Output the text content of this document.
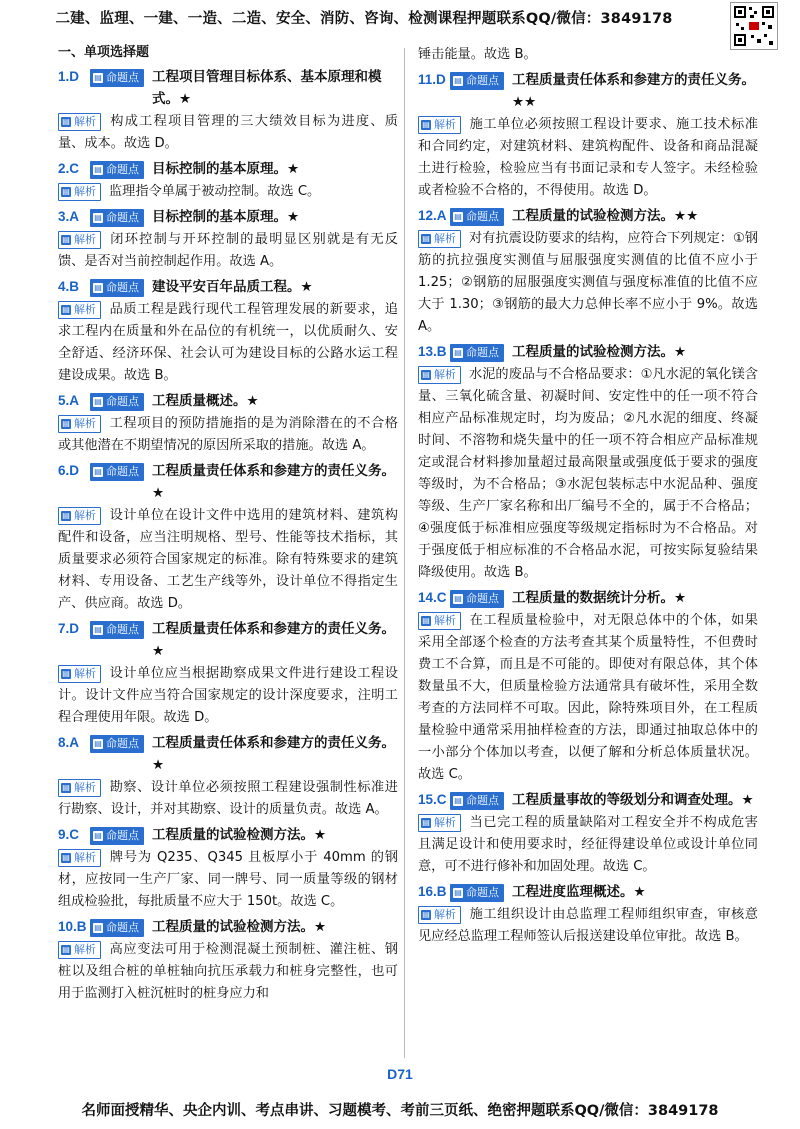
二建、监理、一建、一造、二造、安全、消防、咨询、检测课程押题联系QQ/微信：3849178
一、单项选择题
1.D	▤ 命题点 工程项目管理目标体系、基本原理和模式。★
▤ 解析 构成工程项目管理的三大绩效目标为进度、质量、成本。故选 D。
2.C	▤ 命题点 目标控制的基本原理。★
▤ 解析 监理指令单属于被动控制。故选 C。
3.A	▤ 命题点 目标控制的基本原理。★
▤ 解析 闭环控制与开环控制的最明显区别就是有无反馈、是否对当前控制起作用。故选 A。
4.B	▤ 命题点 建设平安百年品质工程。★
▤ 解析 品质工程是践行现代工程管理发展的新要求，追求工程内在质量和外在品位的有机统一，以优质耐久、安全舒适、经济环保、社会认可为建设目标的公路水运工程建设成果。故选 B。
5.A	▤ 命题点 工程质量概述。★
▤ 解析 工程项目的预防措施指的是为消除潜在的不合格或其他潜在不期望情况的原因所采取的措施。故选 A。
6.D	▤ 命题点 工程质量责任体系和参建方的责任义务。★
▤ 解析 设计单位在设计文件中选用的建筑材料、建筑构配件和设备，应当注明规格、型号、性能等技术指标，其质量要求必须符合国家规定的标准。除有特殊要求的建筑材料、专用设备、工艺生产线等外，设计单位不得指定生产、供应商。故选 D。
7.D	▤ 命题点 工程质量责任体系和参建方的责任义务。★
▤ 解析 设计单位应当根据勘察成果文件进行建设工程设计。设计文件应当符合国家规定的设计深度要求，注明工程合理使用年限。故选 D。
8.A	▤ 命题点 工程质量责任体系和参建方的责任义务。★
▤ 解析 勘察、设计单位必须按照工程建设强制性标准进行勘察、设计，并对其勘察、设计的质量负责。故选 A。
9.C	▤ 命题点 工程质量的试验检测方法。★
▤ 解析 牌号为 Q235、Q345 且板厚小于 40mm 的钢材，应按同一生产厂家、同一牌号、同一质量等级的钢材组成检验批，每批质量不应大于 150t。故选 C。
10.B ▤ 命题点 工程质量的试验检测方法。★
▤ 解析 高应变法可用于检测混凝土预制桩、灌注桩、钢桩以及组合桩的单桩轴向抗压承载力和桩身完整性，也可用于监测打入桩沉桩时的桩身应力和
锤击能量。故选 B。
11.D	▤ 命题点 工程质量责任体系和参建方的责任义务。★★
▤ 解析 施工单位必须按照工程设计要求、施工技术标准和合同约定，对建筑材料、建筑构配件、设备和商品混凝土进行检验，检验应当有书面记录和专人签字。未经检验或者检验不合格的，不得使用。故选 D。
12.A ▤ 命题点 工程质量的试验检测方法。★★
▤ 解析 对有抗震设防要求的结构，应符合下列规定：①钢筋的抗拉强度实测值与屈服强度实测值的比值不应小于 1.25；②钢筋的屈服强度实测值与强度标准值的比值不应大于 1.30；③钢筋的最大力总伸长率不应小于 9%。故选 A。
13.B ▤ 命题点 工程质量的试验检测方法。★
▤ 解析 水泥的废品与不合格品要求：①凡水泥的氧化镁含量、三氧化硫含量、初凝时间、安定性中的任一项不符合相应产品标准规定时，均为废品；②凡水泥的细度、终凝时间、不溶物和烧失量中的任一项不符合相应产品标准规定或混合材料掺加量超过最高限量或强度低于要求的强度等级时，为不合格品；③水泥包装标志中水泥品种、强度等级、生产厂家名称和出厂编号不全的，属于不合格品；④强度低于标准相应强度等级规定指标时为不合格品。对于强度低于相应标准的不合格品水泥，可按实际复验结果降级使用。故选 B。
14.C ▤ 命题点 工程质量的数据统计分析。★
▤ 解析 在工程质量检验中，对无限总体中的个体，如果采用全部逐个检查的方法考查其某个质量特性，不但费时费工不合算，而且是不可能的。即使对有限总体，其个体数量虽不大，但质量检验方法通常具有破坏性，采用全数考查的方法同样不可取。因此，除特殊项目外，在工程质量检验中通常采用抽样检查的方法，即通过抽取总体中的一小部分个体加以考查，以便了解和分析总体质量状况。故选 C。
15.C ▤ 命题点 工程质量事故的等级划分和调查处理。★
▤ 解析 当已完工程的质量缺陷对工程安全并不构成危害且满足设计和使用要求时，经征得建设单位或设计单位同意，可不进行修补和加固处理。故选 C。
16.B ▤ 命题点 工程进度监理概述。★
▤ 解析 施工组织设计由总监理工程师组织审查，审核意见应经总监理工程师签认后报送建设单位审批。故选 B。
D71
名师面授精华、央企内训、考点串讲、习题模考、考前三页纸、绝密押题联系QQ/微信：3849178
